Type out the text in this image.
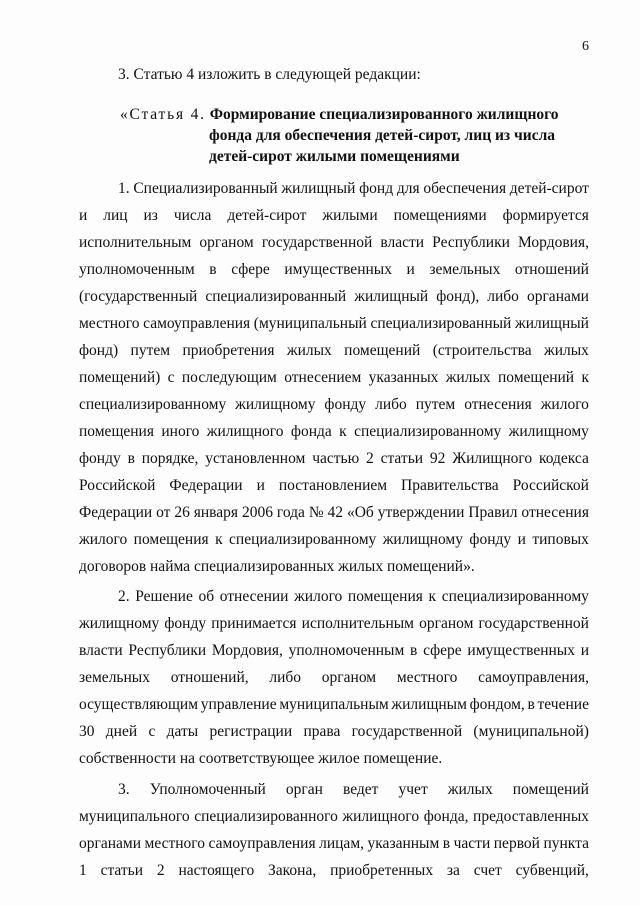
6
3. Статью 4 изложить в следующей редакции:
«Статья 4. Формирование специализированного жилищного
фонда для обеспечения детей-сирот, лиц из числа
детей-сирот жилыми помещениями
1. Специализированный жилищный фонд для обеспечения детей-сирот
и лиц из числа детей-сирот жилыми помещениями формируется
исполнительным органом государственной власти Республики Мордовия,
уполномоченным в сфере имущественных и земельных отношений
(государственный специализированный жилищный фонд), либо органами
местного самоуправления (муниципальный специализированный жилищный
фонд) путем приобретения жилых помещений (строительства жилых
помещений) с последующим отнесением указанных жилых помещений к
специализированному жилищному фонду либо путем отнесения жилого
помещения иного жилищного фонда к специализированному жилищному
фонду в порядке, установленном частью 2 статьи 92 Жилищного кодекса
Российской Федерации и постановлением Правительства Российской
Федерации от 26 января 2006 года № 42 «Об утверждении Правил отнесения
жилого помещения к специализированному жилищному фонду и типовых
договоров найма специализированных жилых помещений».
2. Решение об отнесении жилого помещения к специализированному
жилищному фонду принимается исполнительным органом государственной
власти Республики Мордовия, уполномоченным в сфере имущественных и
земельных отношений, либо органом местного самоуправления,
осуществляющим управление муниципальным жилищным фондом, в течение
30 дней с даты регистрации права государственной (муниципальной)
собственности на соответствующее жилое помещение.
3. Уполномоченный орган ведет учет жилых помещений
муниципального специализированного жилищного фонда, предоставленных
органами местного самоуправления лицам, указанным в части первой пункта
1 статьи 2 настоящего Закона, приобретенных за счет субвенций,
